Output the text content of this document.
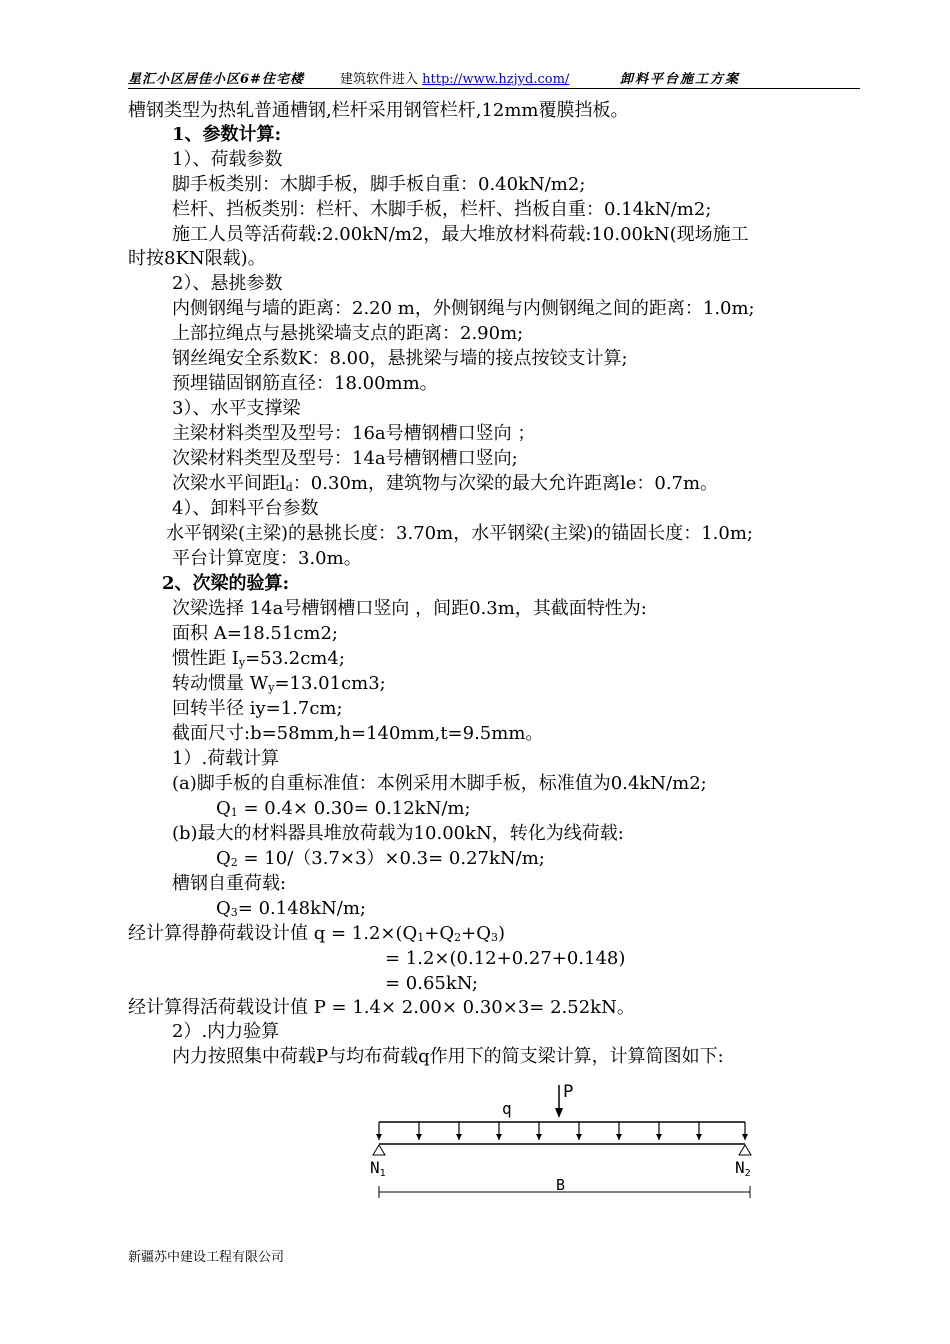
星汇小区居佳小区6#住宅楼	建筑软件进入 http://www.hzjyd.com/	卸料平台施工方案
槽钢类型为热轧普通槽钢,栏杆采用钢管栏杆,12mm覆膜挡板。
1、参数计算:
1）、荷载参数
脚手板类别：木脚手板，脚手板自重：0.40kN/m2;
栏杆、挡板类别：栏杆、木脚手板，栏杆、挡板自重：0.14kN/m2;
施工人员等活荷载:2.00kN/m2，最大堆放材料荷载:10.00kN(现场施工
时按8KN限载)。
2）、悬挑参数
内侧钢绳与墙的距离：2.20 m，外侧钢绳与内侧钢绳之间的距离：1.0m;
上部拉绳点与悬挑梁墙支点的距离：2.90m;
钢丝绳安全系数K：8.00，悬挑梁与墙的接点按铰支计算;
预埋锚固钢筋直径：18.00mm。
3）、水平支撑梁
主梁材料类型及型号：16a号槽钢槽口竖向 ；
次梁材料类型及型号：14a号槽钢槽口竖向;
次梁水平间距$l_d$：0.30m，建筑物与次梁的最大允许距离le：0.7m。
4）、卸料平台参数
水平钢梁(主梁)的悬挑长度：3.70m，水平钢梁(主梁)的锚固长度：1.0m;
平台计算宽度：3.0m。
2、次梁的验算:
次梁选择 14a号槽钢槽口竖向 ，间距0.3m，其截面特性为:
面积 A=18.51cm2;
惯性距 $I_y=53.2cm4$;
转动惯量 $W_y=13.01cm3$;
回转半径 iy=1.7cm;
截面尺寸:b=58mm,h=140mm,t=9.5mm。
1）.荷载计算
(a)脚手板的自重标准值：本例采用木脚手板，标准值为0.4kN/m2;
$Q_1 = 0.4\times 0.30= 0.12kN/m$;
(b)最大的材料器具堆放荷载为10.00kN，转化为线荷载:
$Q_2 = 10/(3.7\times 3)\times 0.3= 0.27kN/m$;
槽钢自重荷载:
$Q_3= 0.148kN/m$;
经计算得静荷载设计值 $q = 1.2\times(Q_1+Q_2+Q_3)$
= 1.2×(0.12+0.27+0.148)
= 0.65kN;
经计算得活荷载设计值 P = 1.4× 2.00× 0.30×3= 2.52kN。
2）.内力验算
内力按照集中荷载P与均布荷载q作用下的简支梁计算，计算简图如下:
q
P
N1	N2
B
新疆苏中建设工程有限公司
